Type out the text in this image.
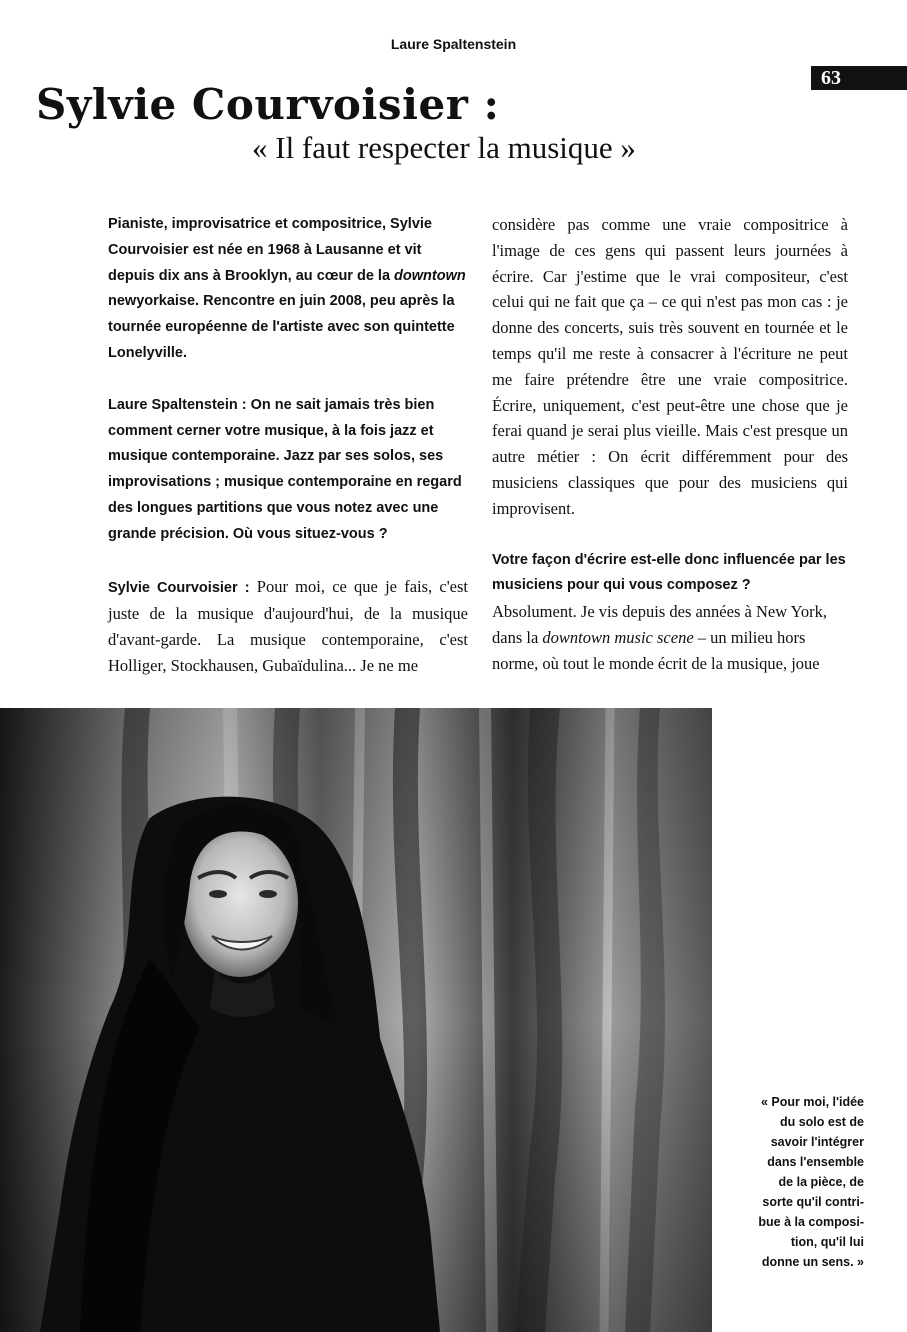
Laure Spaltenstein
63
Sylvie Courvoisier :
« Il faut respecter la musique »

Pianiste, improvisatrice et compositrice, Sylvie Courvoisier est née en 1968 à Lausanne et vit depuis dix ans à Brooklyn, au cœur de la downtown newyorkaise. Rencontre en juin 2008, peu après la tournée européenne de l'artiste avec son quintette Lonelyville.

Laure Spaltenstein : On ne sait jamais très bien comment cerner votre musique, à la fois jazz et musique contemporaine. Jazz par ses solos, ses improvisations ; musique contemporaine en regard des longues partitions que vous notez avec une grande précision. Où vous situez-vous ?

Sylvie Courvoisier : Pour moi, ce que je fais, c'est juste de la musique d'aujourd'hui, de la musique d'avant-garde. La musique contemporaine, c'est Holliger, Stockhausen, Gubaïdulina... Je ne me

considère pas comme une vraie compositrice à l'image de ces gens qui passent leurs journées à écrire. Car j'estime que le vrai compositeur, c'est celui qui ne fait que ça – ce qui n'est pas mon cas : je donne des concerts, suis très souvent en tournée et le temps qu'il me reste à consacrer à l'écriture ne peut me faire prétendre être une vraie compositrice. Écrire, uniquement, c'est peut-être une chose que je ferai quand je serai plus vieille. Mais c'est presque un autre métier : On écrit différemment pour des musiciens classiques que pour des musiciens qui improvisent.

Votre façon d'écrire est-elle donc influencée par les musiciens pour qui vous composez ?

Absolument. Je vis depuis des années à New York, dans la downtown music scene – un milieu hors norme, où tout le monde écrit de la musique, joue

« Pour moi, l'idée
du solo est de
savoir l'intégrer
dans l'ensemble
de la pièce, de
sorte qu'il contri-
bue à la composi-
tion, qu'il lui
donne un sens. »
